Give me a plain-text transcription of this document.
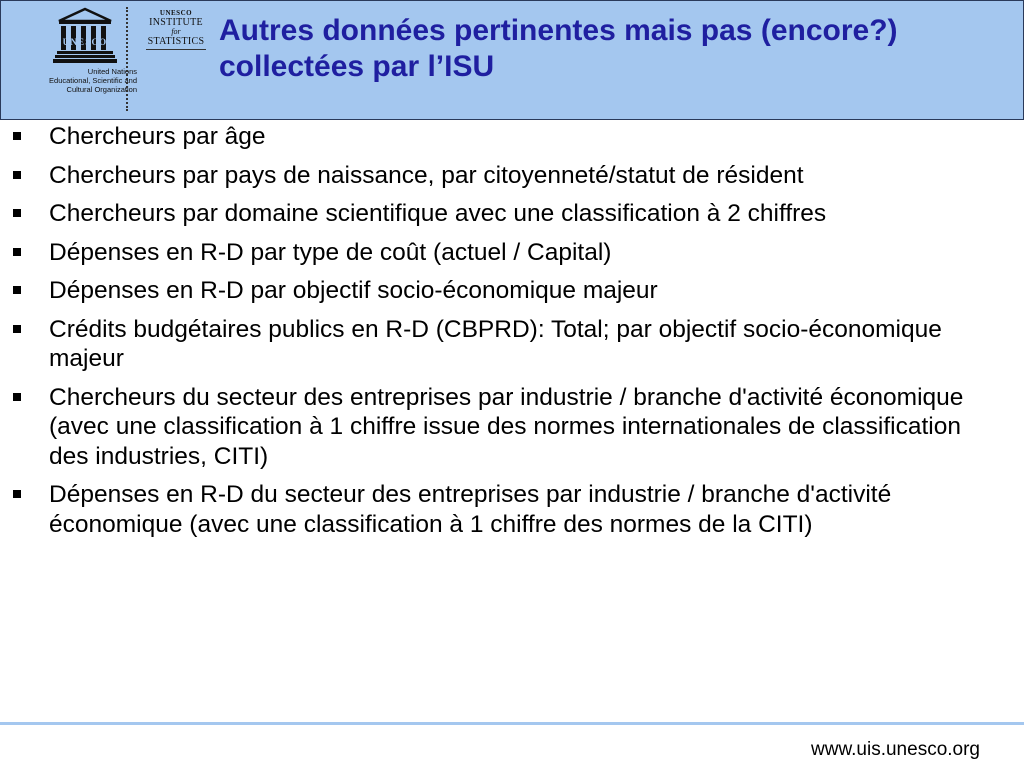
UNESCO
United Nations
Educational, Scientific and
Cultural Organization
UNESCO
INSTITUTE
for
STATISTICS Autres données pertinentes mais pas (encore?) collectées par l’ISU
Chercheurs par âge
Chercheurs par pays de naissance, par citoyenneté/statut de résident
Chercheurs par domaine scientifique avec une classification à 2 chiffres
Dépenses en R-D par type de coût (actuel / Capital)
Dépenses en R-D par objectif socio-économique majeur
Crédits budgétaires publics en R-D (CBPRD): Total; par objectif socio-économique majeur
Chercheurs du secteur des entreprises par industrie / branche d'activité économique (avec une classification à 1 chiffre issue des normes internationales de classification des industries, CITI)
Dépenses en R-D du secteur des entreprises par industrie / branche d'activité économique (avec une classification à 1 chiffre des normes de la CITI)
www.uis.unesco.org
